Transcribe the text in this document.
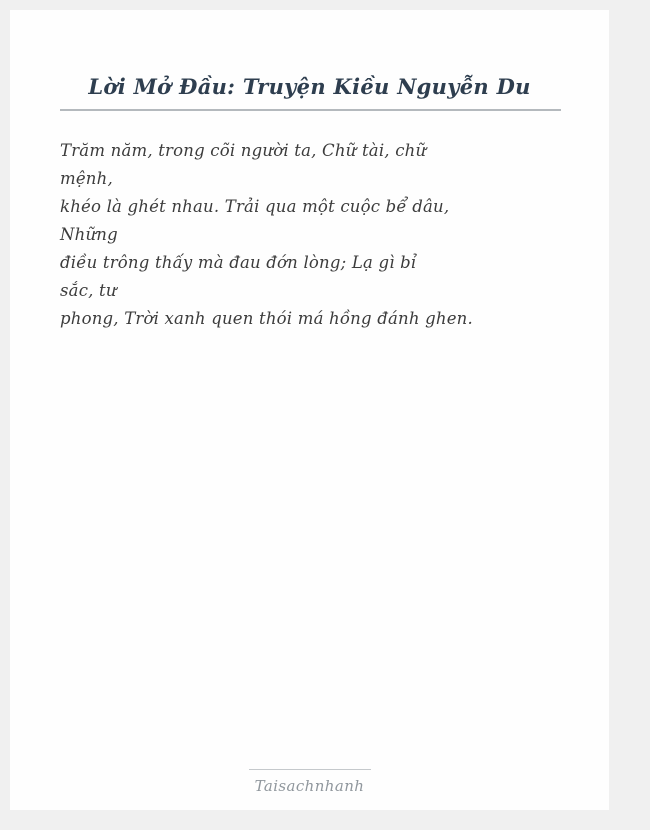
Lời Mở Đầu: Truyện Kiều Nguyễn Du
Trăm năm, trong cõi người ta, Chữ tài, chữ
mệnh,
khéo là ghét nhau. Trải qua một cuộc bể dâu,
Những
điều trông thấy mà đau đớn lòng; Lạ gì bỉ
sắc, tư
phong, Trời xanh quen thói má hồng đánh ghen.
Taisachnhanh
